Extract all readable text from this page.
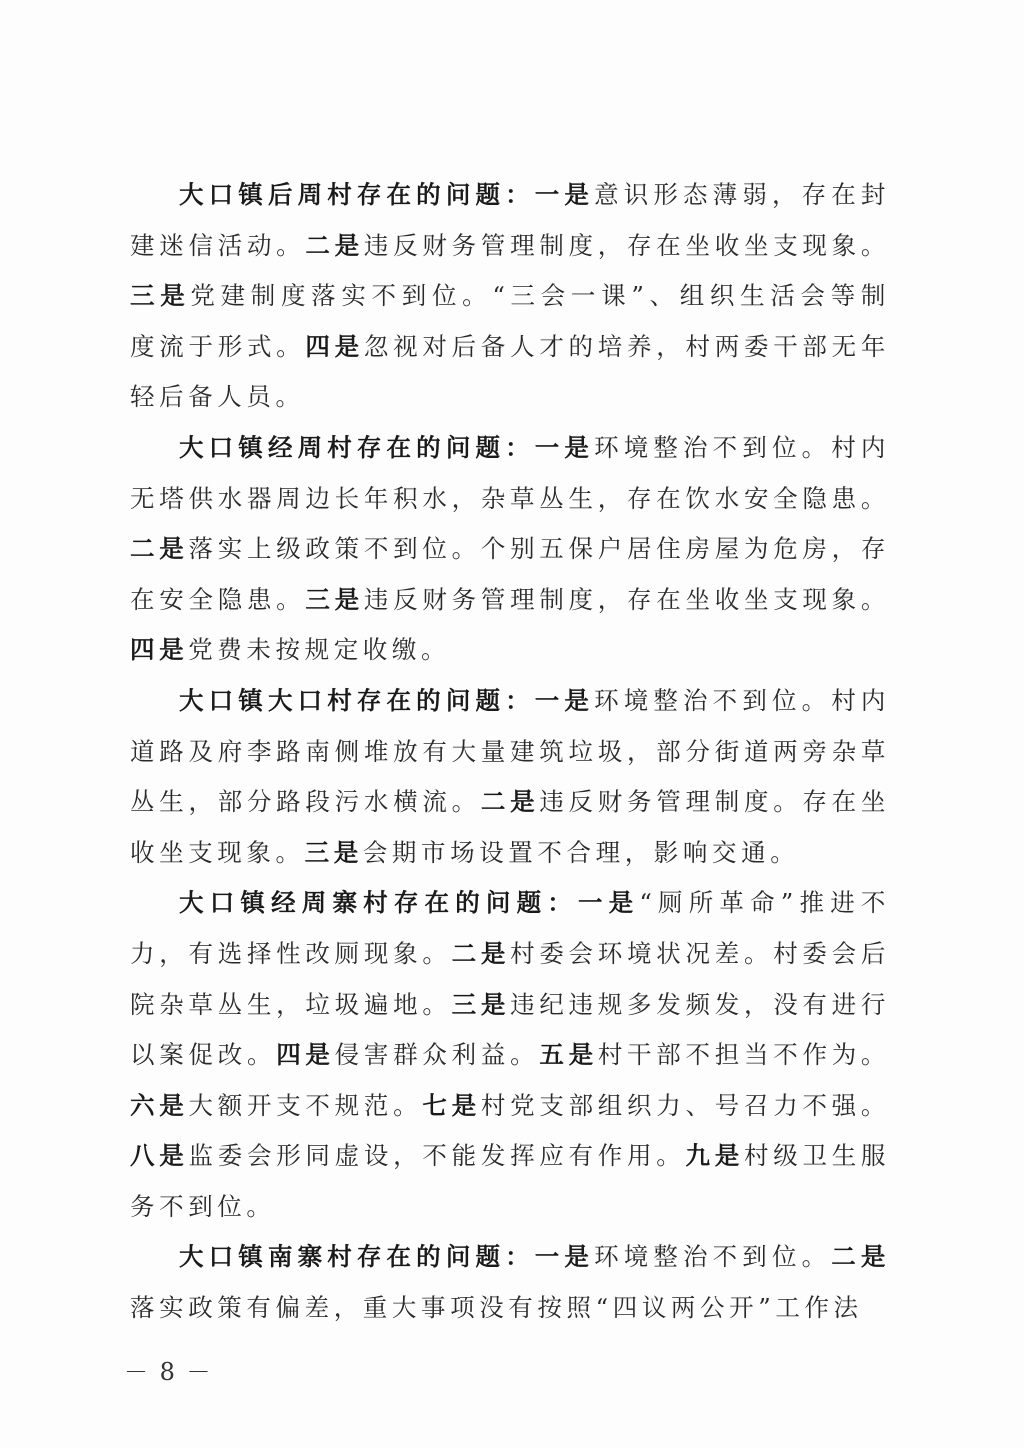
大口镇后周村存在的问题：一是意识形态薄弱，存在封建迷信活动。二是违反财务管理制度，存在坐收坐支现象。三是党建制度落实不到位。“三会一课”、组织生活会等制度流于形式。四是忽视对后备人才的培养，村两委干部无年轻后备人员。

大口镇经周村存在的问题：一是环境整治不到位。村内无塔供水器周边长年积水，杂草丛生，存在饮水安全隐患。二是落实上级政策不到位。个别五保户居住房屋为危房，存在安全隐患。三是违反财务管理制度，存在坐收坐支现象。四是党费未按规定收缴。

大口镇大口村存在的问题：一是环境整治不到位。村内道路及府李路南侧堆放有大量建筑垃圾，部分街道两旁杂草丛生，部分路段污水横流。二是违反财务管理制度。存在坐收坐支现象。三是会期市场设置不合理，影响交通。

大口镇经周寨村存在的问题：一是“厕所革命”推进不力，有选择性改厕现象。二是村委会环境状况差。村委会后院杂草丛生，垃圾遍地。三是违纪违规多发频发，没有进行以案促改。四是侵害群众利益。五是村干部不担当不作为。六是大额开支不规范。七是村党支部组织力、号召力不强。八是监委会形同虚设，不能发挥应有作用。九是村级卫生服务不到位。

大口镇南寨村存在的问题：一是环境整治不到位。二是落实政策有偏差，重大事项没有按照“四议两公开”工作法

－ 8 －
